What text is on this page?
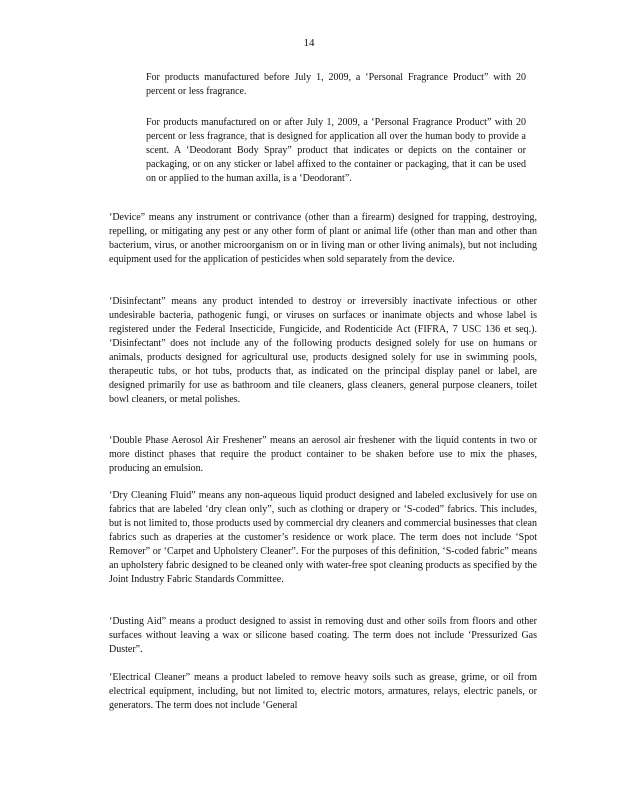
14

For products manufactured before July 1, 2009, a ‘Personal Fragrance Product” with 20 percent or less fragrance.

For products manufactured on or after July 1, 2009, a ‘Personal Fragrance Product” with 20 percent or less fragrance, that is designed for application all over the human body to provide a scent. A ‘Deodorant Body Spray” product that indicates or depicts on the container or packaging, or on any sticker or label affixed to the container or packaging, that it can be used on or applied to the human axilla, is a ‘Deodorant”.

‘Device” means any instrument or contrivance (other than a firearm) designed for trapping, destroying, repelling, or mitigating any pest or any other form of plant or animal life (other than man and other than bacterium, virus, or another microorganism on or in living man or other living animals), but not including equipment used for the application of pesticides when sold separately from the device.

‘Disinfectant” means any product intended to destroy or irreversibly inactivate infectious or other undesirable bacteria, pathogenic fungi, or viruses on surfaces or inanimate objects and whose label is registered under the Federal Insecticide, Fungicide, and Rodenticide Act (FIFRA, 7 USC 136 et seq.). ‘Disinfectant” does not include any of the following products designed solely for use on humans or animals, products designed for agricultural use, products designed solely for use in swimming pools, therapeutic tubs, or hot tubs, products that, as indicated on the principal display panel or label, are designed primarily for use as bathroom and tile cleaners, glass cleaners, general purpose cleaners, toilet bowl cleaners, or metal polishes.

‘Double Phase Aerosol Air Freshener” means an aerosol air freshener with the liquid contents in two or more distinct phases that require the product container to be shaken before use to mix the phases, producing an emulsion.

‘Dry Cleaning Fluid” means any non-aqueous liquid product designed and labeled exclusively for use on fabrics that are labeled ‘dry clean only”, such as clothing or drapery or ‘S-coded” fabrics. This includes, but is not limited to, those products used by commercial dry cleaners and commercial businesses that clean fabrics such as draperies at the customer’s residence or work place. The term does not include ‘Spot Remover” or ‘Carpet and Upholstery Cleaner”. For the purposes of this definition, ‘S-coded fabric” means an upholstery fabric designed to be cleaned only with water-free spot cleaning products as specified by the Joint Industry Fabric Standards Committee.

‘Dusting Aid” means a product designed to assist in removing dust and other soils from floors and other surfaces without leaving a wax or silicone based coating. The term does not include ‘Pressurized Gas Duster”.

‘Electrical Cleaner” means a product labeled to remove heavy soils such as grease, grime, or oil from electrical equipment, including, but not limited to, electric motors, armatures, relays, electric panels, or generators. The term does not include ‘General
